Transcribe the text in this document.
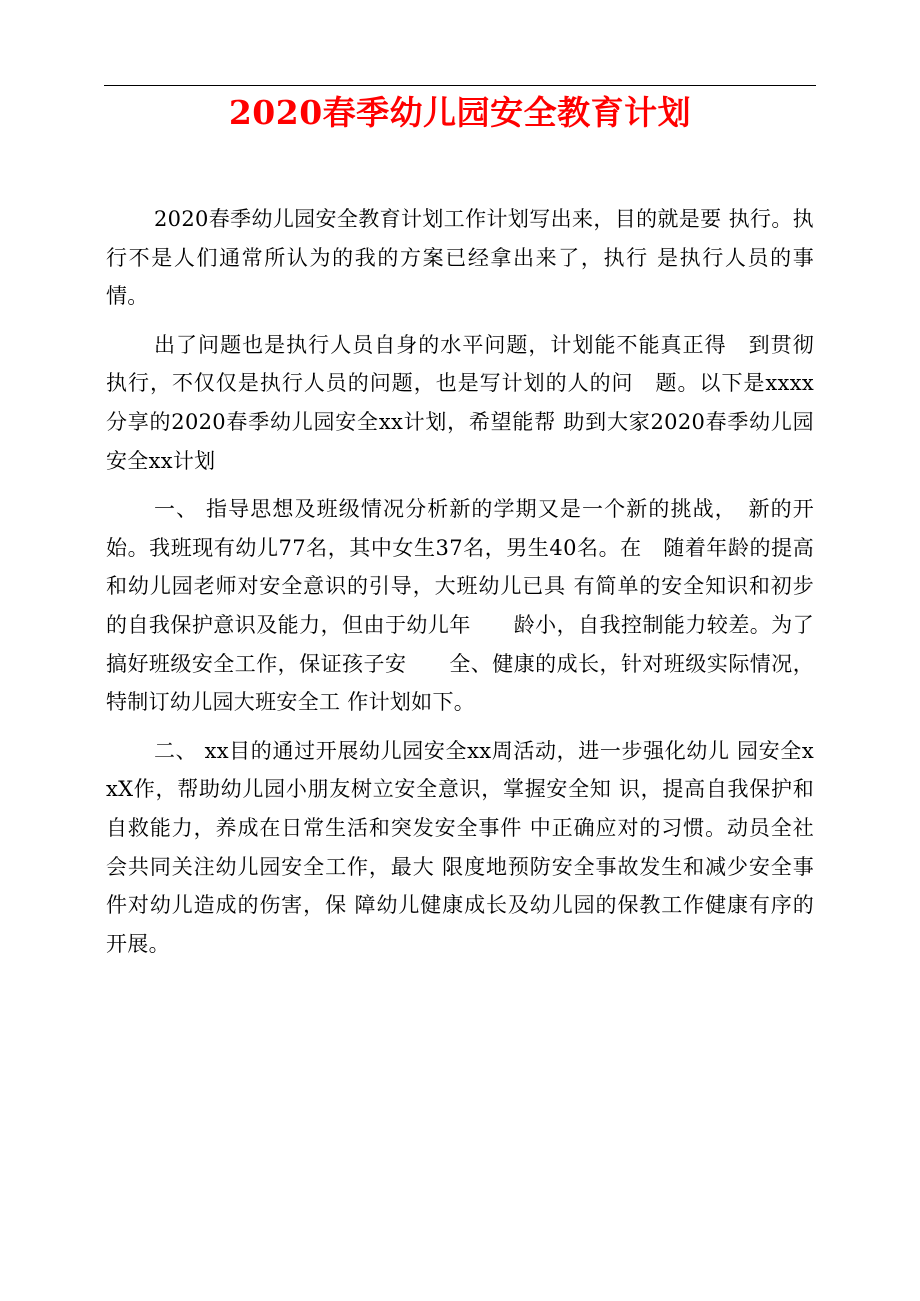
2020春季幼儿园安全教育计划

2020春季幼儿园安全教育计划工作计划写出来，目的就是要 执行。执行不是人们通常所认为的我的方案已经拿出来了，执行 是执行人员的事情。

出了问题也是执行人员自身的水平问题，计划能不能真正得　到贯彻执行，不仅仅是执行人员的问题，也是写计划的人的问　题。以下是xxxx分享的2020春季幼儿园安全xx计划，希望能帮 助到大家2020春季幼儿园安全xx计划

一、 指导思想及班级情况分析新的学期又是一个新的挑战，　新的开始。我班现有幼儿77名，其中女生37名，男生40名。在　随着年龄的提高和幼儿园老师对安全意识的引导，大班幼儿已具 有简单的安全知识和初步的自我保护意识及能力，但由于幼儿年　　龄小，自我控制能力较差。为了搞好班级安全工作，保证孩子安　　全、健康的成长，针对班级实际情况，特制订幼儿园大班安全工 作计划如下。

二、 xx目的通过开展幼儿园安全xx周活动，进一步强化幼儿 园安全xxX作，帮助幼儿园小朋友树立安全意识，掌握安全知 识，提高自我保护和自救能力，养成在日常生活和突发安全事件 中正确应对的习惯。动员全社会共同关注幼儿园安全工作，最大 限度地预防安全事故发生和减少安全事件对幼儿造成的伤害，保 障幼儿健康成长及幼儿园的保教工作健康有序的开展。
